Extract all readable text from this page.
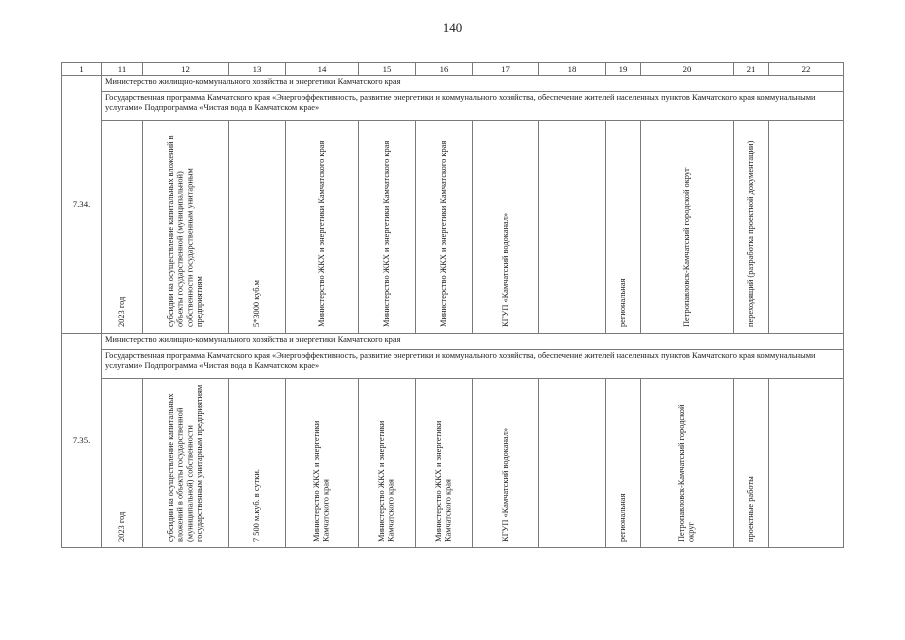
140
1	11	12	13	14	15	16	17	18	19	20	21	22
7.34.	Министерство жилищно-коммунального хозяйства и энергетики Камчатского края											
	Государственная программа Камчатского края «Энергоэффективность, развитие энергетики и коммунального хозяйства, обеспечение жителей населенных пунктов Камчатского края коммунальными услугами» Подпрограмма «Чистая вода в Камчатском крае»											

	2023 год	субсидии на осуществление капитальных вложений в объекты государственной (муниципальной) собственности государственным унитарным предприятиям	5*3000 куб.м	Министерство ЖКХ и энергетики Камчатского края	Министерство ЖКХ и энергетики Камчатского края	Министерство ЖКХ и энергетики Камчатского края	КГУП «Камчатский водоканал»		региональная	Петропавловск-Камчатский городской округ	переходящий (разработка проектной документации)	

7.35.	Министерство жилищно-коммунального хозяйства и энергетики Камчатского края											
	Государственная программа Камчатского края «Энергоэффективность, развитие энергетики и коммунального хозяйства, обеспечение жителей населенных пунктов Камчатского края коммунальными услугами» Подпрограмма «Чистая вода в Камчатском крае»											

	2023 год	субсидии на осуществление капитальных вложений в объекты государственной (муниципальной) собственности государственным унитарным предприятиям	7 500 м.куб. в сутки.	Министерство ЖКХ и энергетики Камчатского края	Министерство ЖКХ и энергетики Камчатского края	Министерство ЖКХ и энергетики Камчатского края	КГУП «Камчатский водоканал»		региональная	Петропавловск-Камчатский городской округ	проектные работы	
